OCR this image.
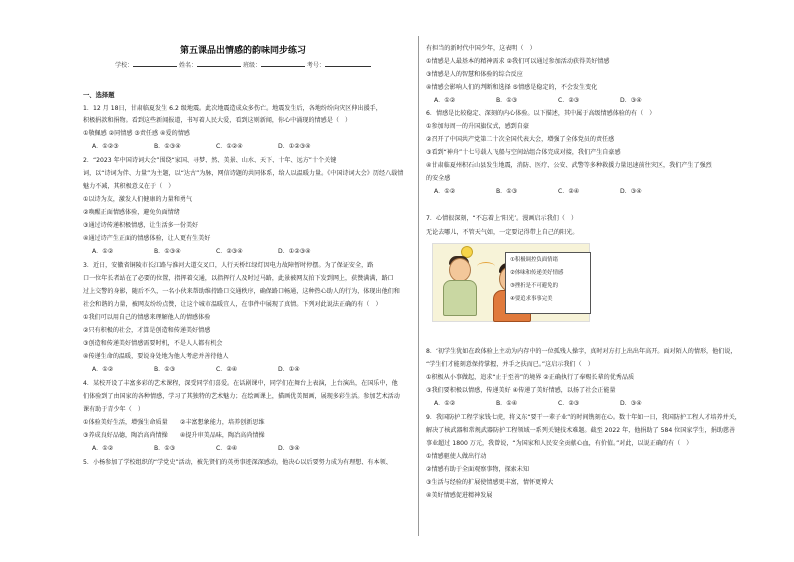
第五课品出情感的韵味同步练习
学校：	姓名：	班级：	考号：
一、选择题
1．12 月 18日，甘肃临夏发生 6.2 级地震。此次地震造成众多伤亡。地震发生后，各地纷纷向灾区伸出援手，
积极捐款和捐物。看到这些新闻报道，书写着人民大爱，看到这则新闻，你心中涌现的情感是（　）
①敬佩感 ②同情感 ③责任感 ④爱的情感
A．①②③	B．①③④	C．①②④	D．①②③④
2．“2023 年中国诗词大会”围绕“家国、寻梦、然、美景、山水、天下、十年、远方”十个关键
词，以“诗词为伴、力量”为主题，以“达古”为脉，网信诗题的共同体系，给人以温暖力量。《中国诗词大会》历经八载情
魅力不减，其积极意义在于（　）
①以诗为友，激发人们健康的力量和勇气
②唤醒正面情感体验，避免负面情绪
③通过诗传递积极情感，让生活多一份美好
④通过诗产生正面的情感体验，让人更有生美好
A．①②	B．①③④	C．②③④	D．①②③④
3．近日，安徽省铜陵市长江路与淮河大道交叉口，人行天桥红绿灯因电力故障暂时停摆。为了保证安全，路
口一位年长者站在了必要的位置，指挥着交通，以指挥行人及时过马路，此景被网友拍下发到网上，获赞满满，路口
过上交警的身影，随后不久，一名小伙来帮助维持路口交通秩序，确保路口畅通，这种热心助人的行为，体现出他们和
社会和谐的力量，被网友纷纷点赞，让这个城市温暖宜人，在事件中展现了真情。下列对此说法正确的有（　）
①我们可以用自己的情感来理解他人的情感体验
②只有积极的社会，才算是创造和传递美好情感
③创造和传递美好情感需要时机，不是人人都有机会
④传递生命的温暖，要说身处地为他人考虑并善待他人
A．①②	B．①③	C．②④	D．①④
4．某校开设了丰富多彩的艺术课程，深受同学们喜爱。在话剧课中，同学们在舞台上表演，上台演出，在国乐中，他
们体验到了由国家的各种情感，学习了其独特的艺术魅力；在绘画课上，描画优美图画，展现多彩生活。参加艺术活动
课有助于青少年（　）
①体验美好生活，增强生命质量　　②丰富想象能力，培养创新思维
③养成良好品德，陶冶高尚情操　　④提升审美品味，陶冶高尚情操
A．①②	B．①③	C．②④	D．③④
5．小杨参加了学校组织的“学党史”活动，被先贤们的英勇事迹深深感动，他决心以后要努力成为有理想、有本领、
有担当的新时代中国少年，这表明（　）
①情感是人最基本的精神需求 ②我们可以通过参加活动获得美好情感
③情感是人的智慧和体验的综合反应
④情感会影响人们的判断和选择 ⑤情感是稳定的，不会发生变化
A．①②	B．①③	C．②③	D．③④
6．情感是比较稳定、深刻的内心体验。以下描述，其中属于高级情感体验的有（　）
①参加每周一的升国旗仪式，感到自豪
②召开了中国共产党第二十次全国代表大会，增强了全体党员的责任感
③看到“神舟”十七号载人飞船与空间站组合体完成对接，我们产生自豪感
④甘肃临夏州积石山县发生地震，消防、医疗、公安、武警等多种救援力量迅速前往灾区，我们产生了强烈
的安全感
A．①②	B．①③	C．②④	D．③④
7．心情很深刻，“不忘着上‘阳光’。漫画启示我们（　）
无论去哪儿，不管天气如，一定要记得带上自己的阳光。
①积极调控负面情绪
②体味和传递美好情感
③挫折是不可避免的
④要追求事事完美
8．‘初学生犹如在政体验上主动为内存中的一位孤残人操字，真时对方打上出出年高开。面对陌人的情形，他们说，
“学生们才能刻意保持掌握，并手之扶而已。”这启示我们（　）
①积极从小事做起，追求“止于至善”的境界 ②正确执行了奉赐长辈的优秀品质
③我们要积极以情感，传递美好 ④传递了美好情感，以扬了社会正能量
A．①②	B．①④	C．②③	D．③④
9．我国防护工程学家钱七虎，将义东“要干一辈子业”的时间镌刻在心。数十年如一日，我国防护工程人才培养并关，
解决了核武器和常规武器防护工程领域一系列关键技术难题。截至 2022 年，他捐助了 584 位国家学生，捐助慈善
事业超过 1800 万元，我曾说，“为国家和人民安全贡献心血，有价值。”对此，以说正确的有（　）
①情感驱使人做出行动
②情感有助于全面观察事物，探索未知
③生活与经验的扩展使情感更丰富，情怀更博大
④美好情感促进精神发展
